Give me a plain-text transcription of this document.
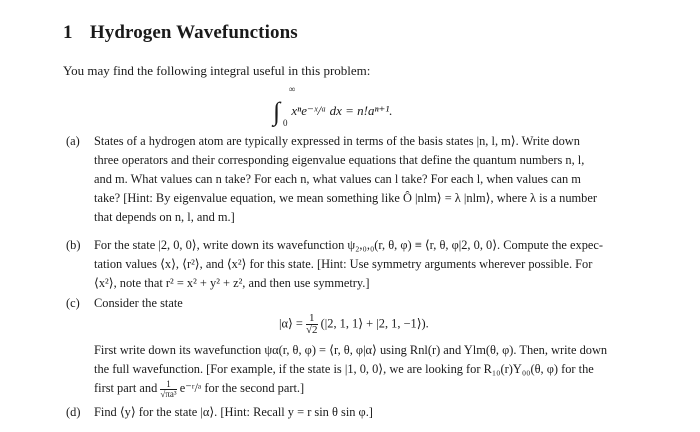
1 Hydrogen Wavefunctions
You may find the following integral useful in this problem:
∫
∞
0
xⁿe⁻ˣ/ᵃ dx = n!aⁿ⁺¹.
(a)	States of a hydrogen atom are typically expressed in terms of the basis states |n, l, m⟩. Write down
three operators and their corresponding eigenvalue equations that define the quantum numbers n, l,
and m. What values can n take? For each n, what values can l take? For each l, when values can m
take? [Hint: By eigenvalue equation, we mean something like Ô |nlm⟩ = λ |nlm⟩, where λ is a number
that depends on n, l, and m.]
(b)	For the state |2, 0, 0⟩, write down its wavefunction ψ₂,₀,₀(r, θ, φ) ≡ ⟨r, θ, φ|2, 0, 0⟩. Compute the expec-
tation values ⟨x⟩, ⟨r²⟩, and ⟨x²⟩ for this state. [Hint: Use symmetry arguments wherever possible. For
⟨x²⟩, note that r² = x² + y² + z², and then use symmetry.]
(c)	Consider the state
|α⟩ = $\frac{1}{√2} (|2$, 1, 1⟩ + |2, 1, −1⟩).
First write down its wavefunction ψα(r, θ, φ) = ⟨r, θ, φ|α⟩ using Rnl(r) and Ylm(θ, φ). Then, write down
the full wavefunction. [For example, if the state is |1, 0, 0⟩, we are looking for R₁₀(r)Y₀₀(θ, φ) for the
first part and $\frac{1}{\text{√πa³}}$ e⁻ʳ/ᵃ for the second part.]
(d)	Find ⟨y⟩ for the state |α⟩. [Hint: Recall y = r sin θ sin φ.]
